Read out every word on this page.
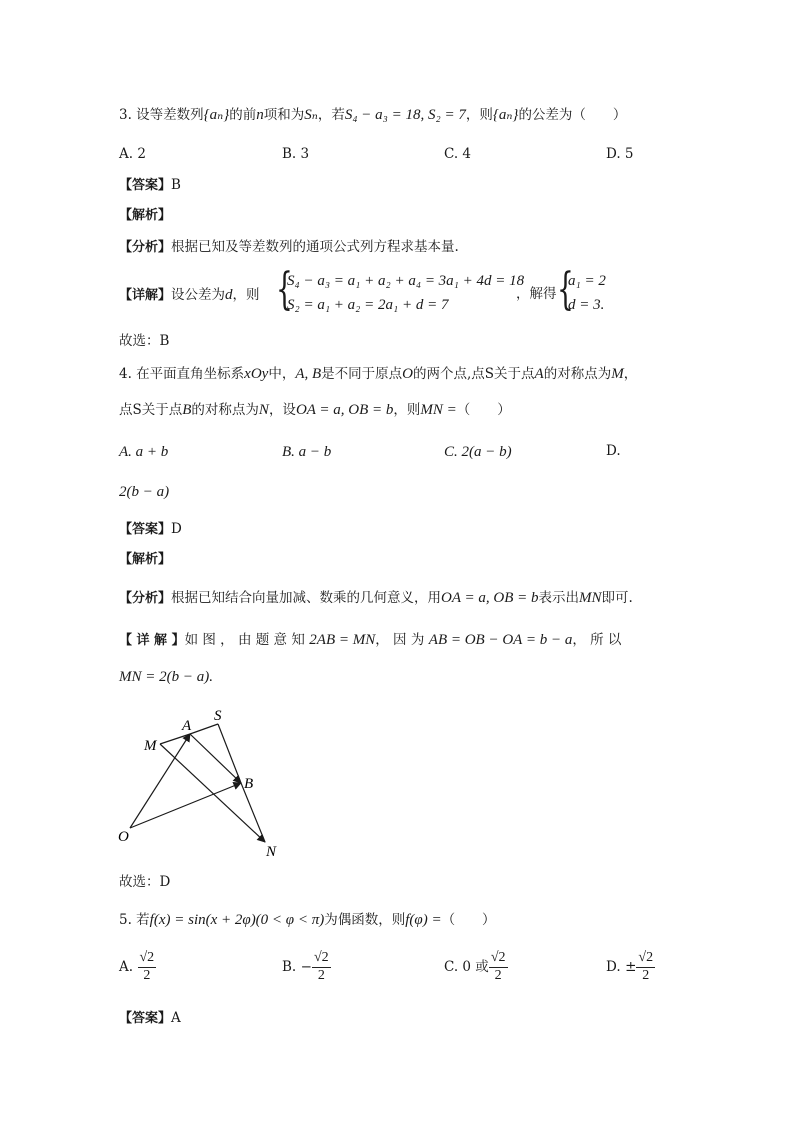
3. 设等差数列{aₙ}的前n项和为Sₙ，若S₄ − a₃ = 18, S₂ = 7，则{aₙ}的公差为（　　）
A. 2	B. 3	C. 4	D. 5
【答案】B
【解析】
【分析】根据已知及等差数列的通项公式列方程求基本量.
【详解】设公差为d，则 {
S₄ − a₃ = a₁ + a₂ + a₄ = 3a₁ + 4d = 18
S₂ = a₁ + a₂ = 2a₁ + d = 7
，解得 {
a₁ = 2
d = 3.
故选：B
4. 在平面直角坐标系xOy中，A, B是不同于原点O的两个点,点S关于点A的对称点为M，
点S关于点B的对称点为N，设OA = a, OB = b，则MN =（　　）
A. a + b	B. a − b	C. 2(a − b)	D.
2(b − a)
【答案】D
【解析】
【分析】根据已知结合向量加减、数乘的几何意义，用OA = a, OB = b表示出MN即可.
【 详 解 】如 图 ， 由 题 意 知  2AB = MN， 因 为  AB = OB − OA = b − a， 所 以
MN = 2(b − a).
A
S
M
B
O
N
故选：D
5. 若f(x) = sin(x + 2φ)(0 < φ < π)为偶函数，则f(φ) =（　　）
A.  $\frac{√2}{2}$	B.  − $\frac{√2}{2}$	C. 0 或 $\frac{√2}{2}$	D.  ± $\frac{√2}{2}$
【答案】A
